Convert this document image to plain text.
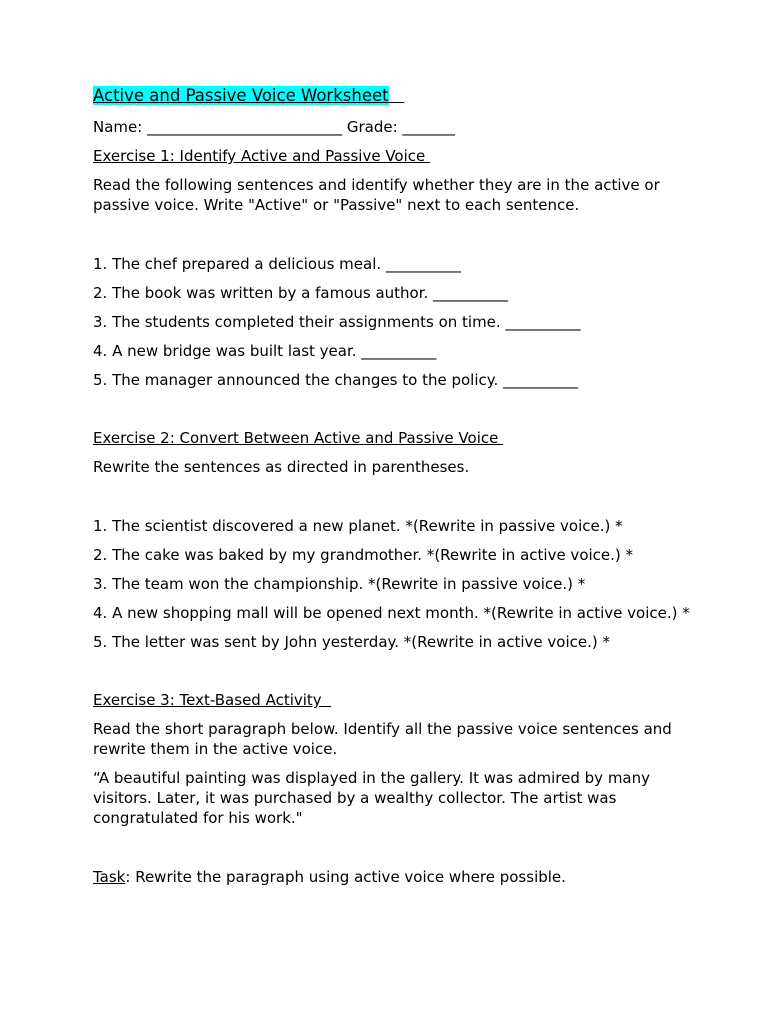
Active and Passive Voice Worksheet

Name: __________________________ Grade: _______

Exercise 1: Identify Active and Passive Voice

Read the following sentences and identify whether they are in the active or passive voice. Write "Active" or "Passive" next to each sentence.

1. The chef prepared a delicious meal. __________

2. The book was written by a famous author. __________

3. The students completed their assignments on time. __________

4. A new bridge was built last year. __________

5. The manager announced the changes to the policy. __________

Exercise 2: Convert Between Active and Passive Voice

Rewrite the sentences as directed in parentheses.

1. The scientist discovered a new planet. *(Rewrite in passive voice.) *

2. The cake was baked by my grandmother. *(Rewrite in active voice.) *

3. The team won the championship. *(Rewrite in passive voice.) *

4. A new shopping mall will be opened next month. *(Rewrite in active voice.) *

5. The letter was sent by John yesterday. *(Rewrite in active voice.) *

Exercise 3: Text-Based Activity

Read the short paragraph below. Identify all the passive voice sentences and rewrite them in the active voice.

“A beautiful painting was displayed in the gallery. It was admired by many visitors. Later, it was purchased by a wealthy collector. The artist was congratulated for his work."

Task: Rewrite the paragraph using active voice where possible.
